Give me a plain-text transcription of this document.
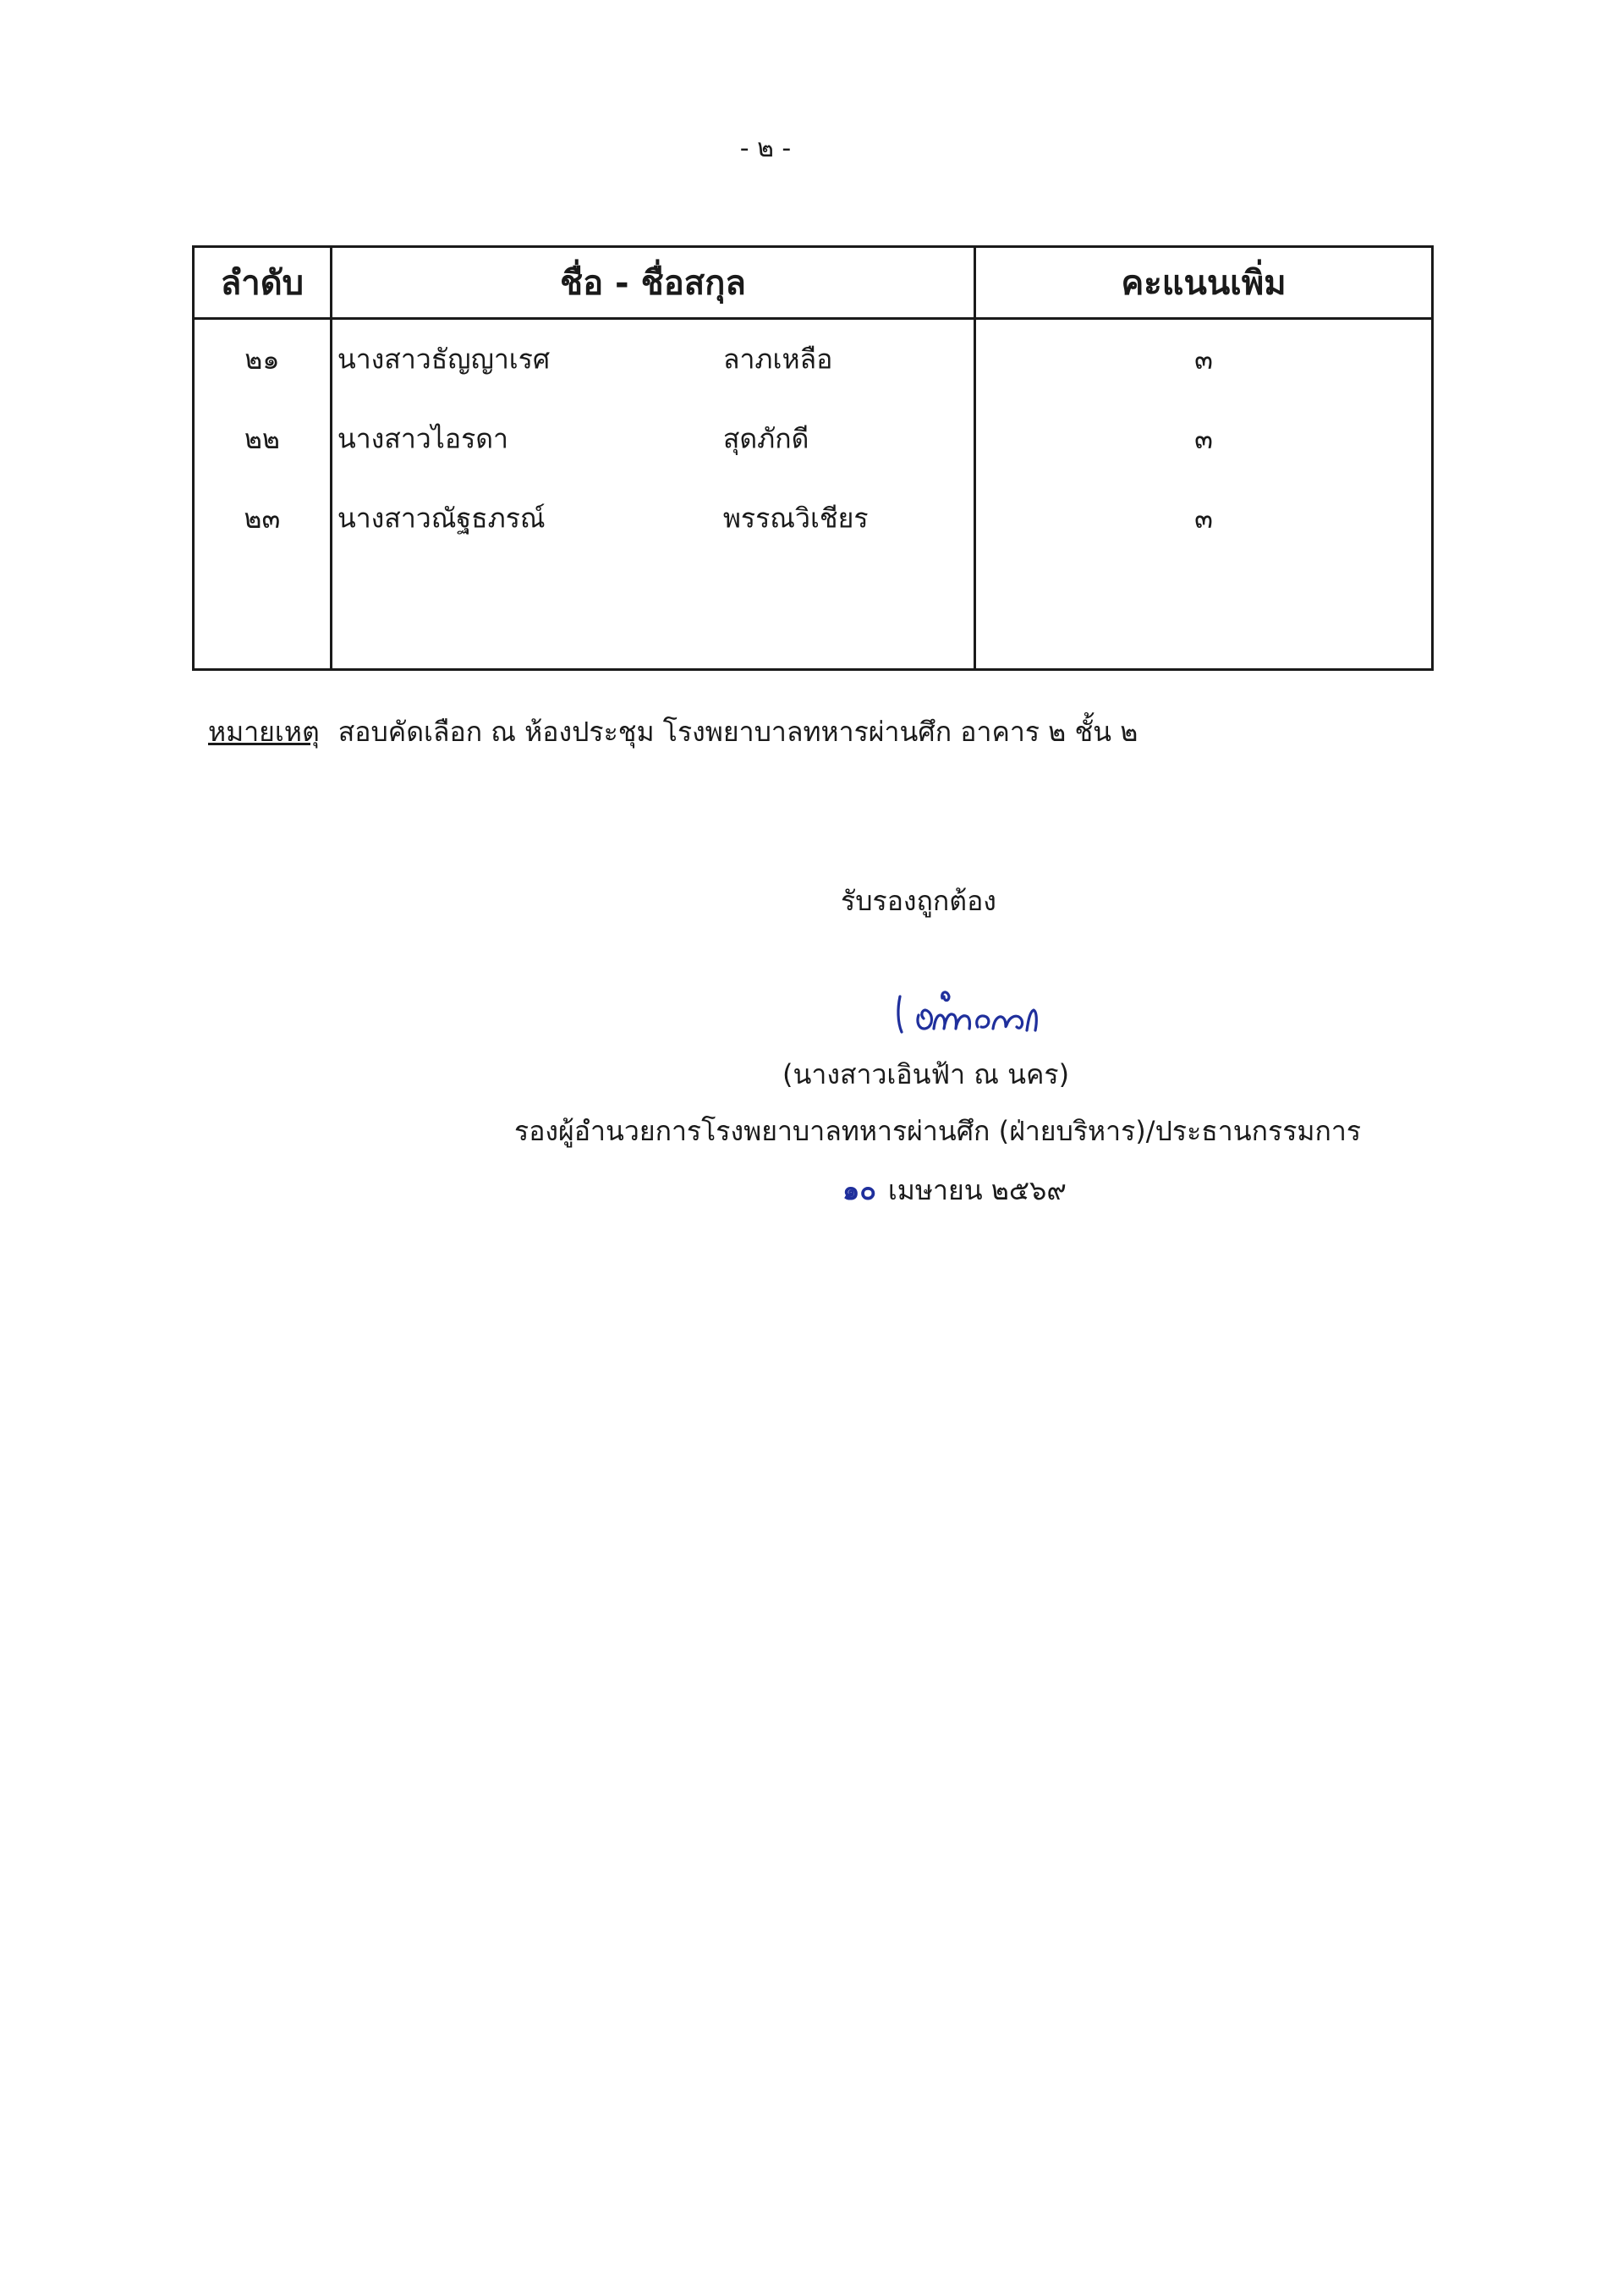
- ๒ -
ลำดับ	ชื่อ - ชื่อสกุล	คะแนนเพิ่ม
๒๑	นางสาวธัญญาเรศ ลาภเหลือ	๓
๒๒	นางสาวไอรดา สุดภักดี	๓
๒๓	นางสาวณัฐธภรณ์ พรรณวิเชียร	๓

หมายเหตุ สอบคัดเลือก ณ ห้องประชุม โรงพยาบาลทหารผ่านศึก อาคาร ๒ ชั้น ๒
รับรองถูกต้อง
(นางสาวเอินฟ้า ณ นคร)
รองผู้อำนวยการโรงพยาบาลทหารผ่านศึก (ฝ่ายบริหาร)/ประธานกรรมการ
๑๐ เมษายน ๒๕๖๙
